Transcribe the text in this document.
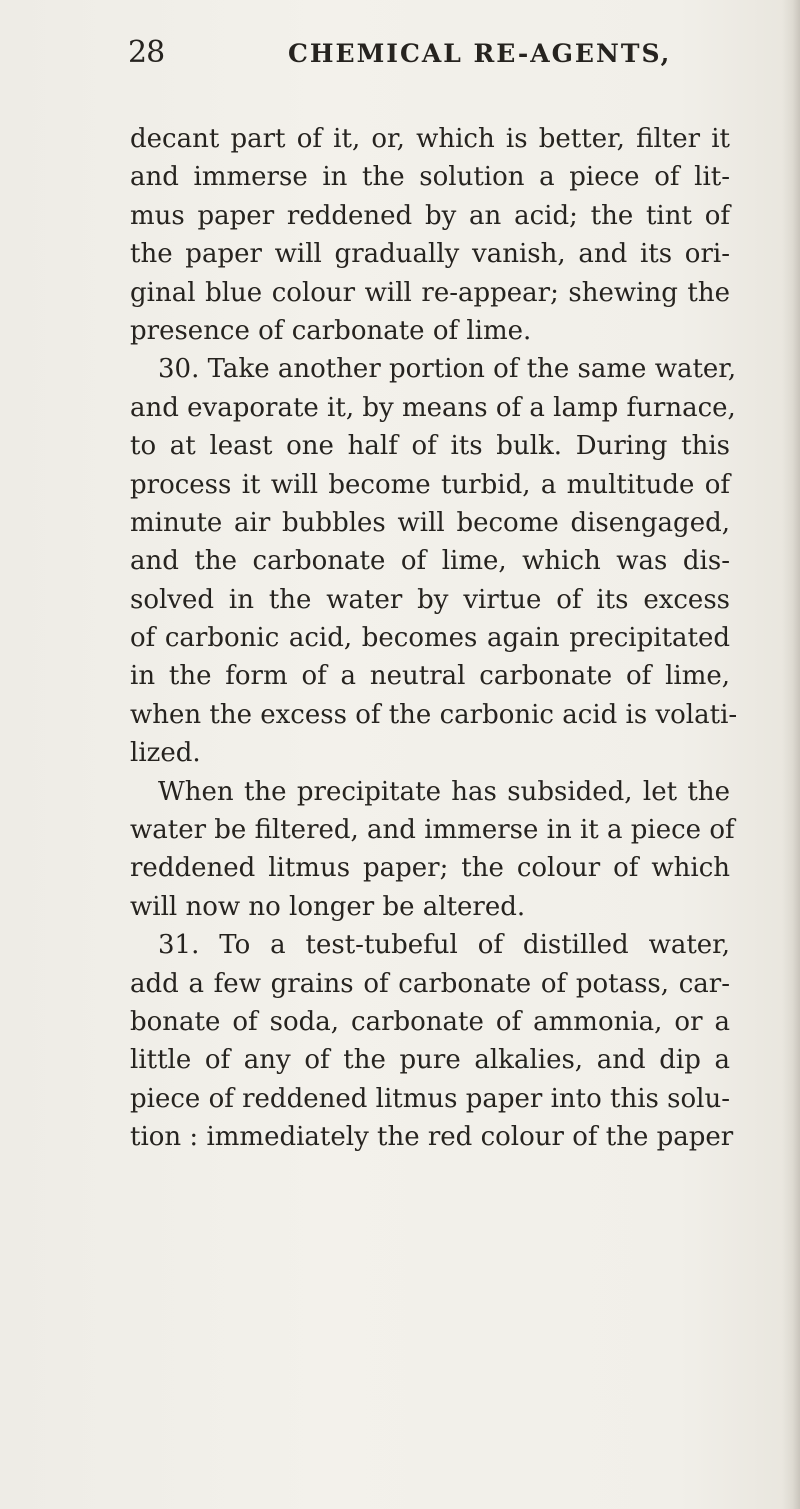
28	CHEMICAL RE-AGENTS,
decant part of it, or, which is better, filter it
and immerse in the solution a piece of lit-
mus paper reddened by an acid; the tint of
the paper will gradually vanish, and its ori-
ginal blue colour will re-appear; shewing the
presence of carbonate of lime.
30. Take another portion of the same water,
and evaporate it, by means of a lamp furnace,
to at least one half of its bulk. During this
process it will become turbid, a multitude of
minute air bubbles will become disengaged,
and the carbonate of lime, which was dis-
solved in the water by virtue of its excess
of carbonic acid, becomes again precipitated
in the form of a neutral carbonate of lime,
when the excess of the carbonic acid is volati-
lized.
When the precipitate has subsided, let the
water be filtered, and immerse in it a piece of
reddened litmus paper; the colour of which
will now no longer be altered.
31. To a test-tubeful of distilled water,
add a few grains of carbonate of potass, car-
bonate of soda, carbonate of ammonia, or a
little of any of the pure alkalies, and dip a
piece of reddened litmus paper into this solu-
tion : immediately the red colour of the paper
